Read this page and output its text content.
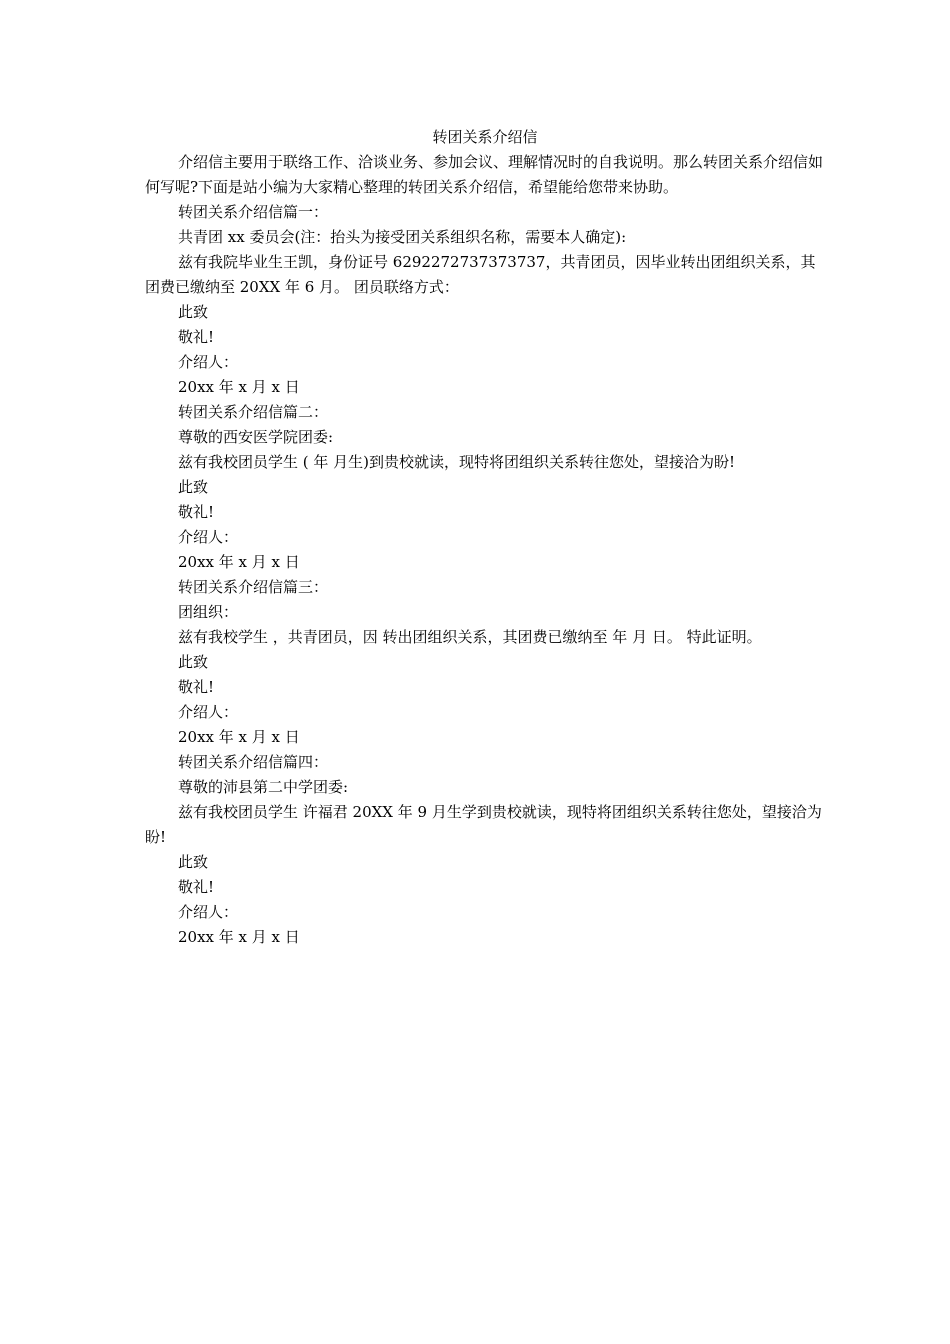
转团关系介绍信

介绍信主要用于联络工作、洽谈业务、参加会议、理解情况时的自我说明。那么转团关系介绍信如何写呢?下面是站小编为大家精心整理的转团关系介绍信，希望能给您带来协助。

转团关系介绍信篇一：
共青团 xx 委员会(注：抬头为接受团关系组织名称，需要本人确定):

兹有我院毕业生王凯，身份证号 6292272737373737，共青团员，因毕业转出团组织关系，其团费已缴纳至 20XX 年 6 月。 团员联络方式：

此致
敬礼!
介绍人：
20xx 年 x 月 x 日
转团关系介绍信篇二：
尊敬的西安医学院团委:
兹有我校团员学生 ( 年 月生)到贵校就读，现特将团组织关系转往您处，望接洽为盼!
此致
敬礼!
介绍人：
20xx 年 x 月 x 日
转团关系介绍信篇三：
团组织：
兹有我校学生 ，共青团员，因 转出团组织关系，其团费已缴纳至 年 月 日。 特此证明。
此致
敬礼!
介绍人：
20xx 年 x 月 x 日
转团关系介绍信篇四：
尊敬的沛县第二中学团委:

兹有我校团员学生 许福君 20XX 年 9 月生学到贵校就读，现特将团组织关系转往您处，望接洽为盼!

此致
敬礼!
介绍人：
20xx 年 x 月 x 日
